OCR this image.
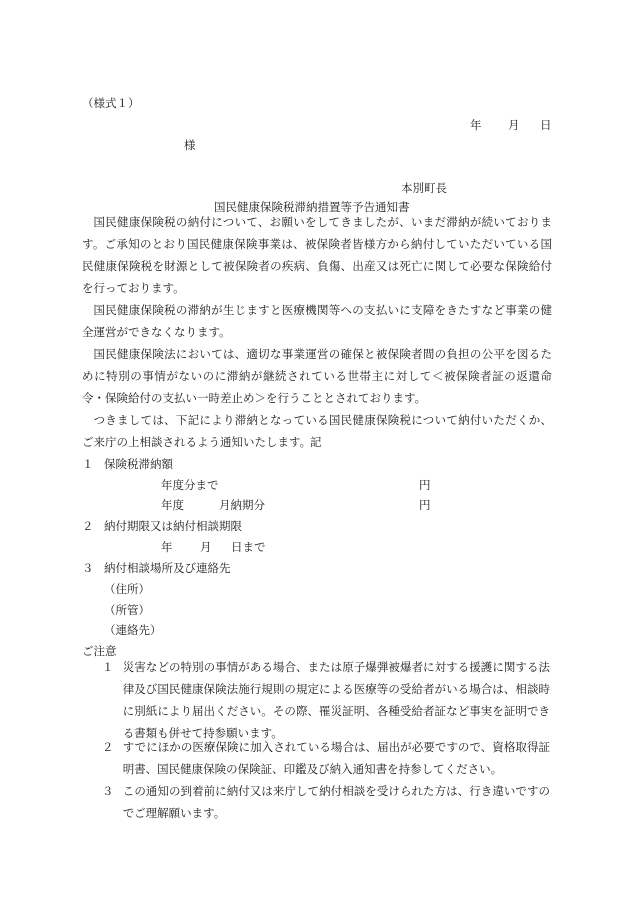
（様式１）
年 月 日
様
本別町長
国民健康保険税滞納措置等予告通知書

国民健康保険税の納付について、お願いをしてきましたが、いまだ滞納が続いております。ご承知のとおり国民健康保険事業は、被保険者皆様方から納付していただいている国民健康保険税を財源として被保険者の疾病、負傷、出産又は死亡に関して必要な保険給付を行っております。

国民健康保険税の滞納が生じますと医療機関等への支払いに支障をきたすなど事業の健全運営ができなくなります。

国民健康保険法においては、適切な事業運営の確保と被保険者間の負担の公平を図るために特別の事情がないのに滞納が継続されている世帯主に対して＜被保険者証の返還命令・保険給付の支払い一時差止め＞を行うこととされております。

つきましては、下記により滞納となっている国民健康保険税について納付いただくか、ご来庁の上相談されるよう通知いたします。

記
１ 保険税滞納額
年度分まで	円
年度	月納期分	円
２ 納付期限又は納付相談期限
年 月 日まで
３ 納付相談場所及び連絡先
（住所）
（所管）
（連絡先）
ご注意

１ 災害などの特別の事情がある場合、または原子爆弾被爆者に対する援護に関する法律及び国民健康保険法施行規則の規定による医療等の受給者がいる場合は、相談時に別紙により届出ください。その際、罹災証明、各種受給者証など事実を証明できる書類も併せて持参願います。

２ すでにほかの医療保険に加入されている場合は、届出が必要ですので、資格取得証明書、国民健康保険の保険証、印鑑及び納入通知書を持参してください。

３ この通知の到着前に納付又は来庁して納付相談を受けられた方は、行き違いですのでご理解願います。
